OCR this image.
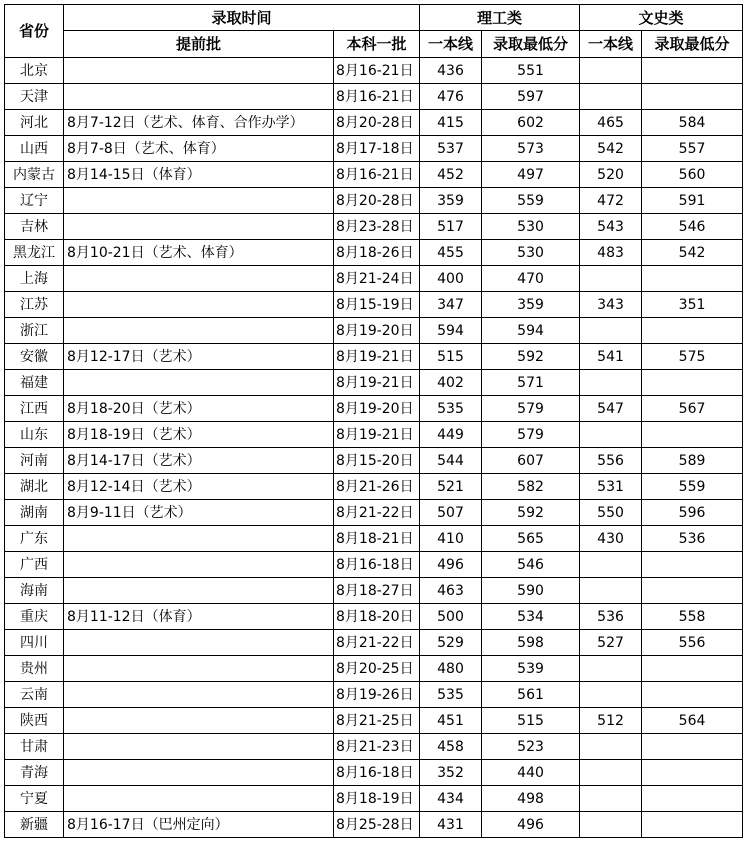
省份	录取时间		理工类		文史类	
	提前批	本科一批	一本线	录取最低分	一本线	录取最低分
北京		8月16-21日	436	551		
天津		8月16-21日	476	597		
河北	8月7-12日（艺术、体育、合作办学）	8月20-28日	415	602	465	584
山西	8月7-8日（艺术、体育）	8月17-18日	537	573	542	557
内蒙古	8月14-15日（体育）	8月16-21日	452	497	520	560
辽宁		8月20-28日	359	559	472	591
吉林		8月23-28日	517	530	543	546
黑龙江	8月10-21日（艺术、体育）	8月18-26日	455	530	483	542
上海		8月21-24日	400	470		
江苏		8月15-19日	347	359	343	351
浙江		8月19-20日	594	594		
安徽	8月12-17日（艺术）	8月19-21日	515	592	541	575
福建		8月19-21日	402	571		
江西	8月18-20日（艺术）	8月19-20日	535	579	547	567
山东	8月18-19日（艺术）	8月19-21日	449	579		
河南	8月14-17日（艺术）	8月15-20日	544	607	556	589
湖北	8月12-14日（艺术）	8月21-26日	521	582	531	559
湖南	8月9-11日（艺术）	8月21-22日	507	592	550	596
广东		8月18-21日	410	565	430	536
广西		8月16-18日	496	546		
海南		8月18-27日	463	590		
重庆	8月11-12日（体育）	8月18-20日	500	534	536	558
四川		8月21-22日	529	598	527	556
贵州		8月20-25日	480	539		
云南		8月19-26日	535	561		
陕西		8月21-25日	451	515	512	564
甘肃		8月21-23日	458	523		
青海		8月16-18日	352	440		
宁夏		8月18-19日	434	498		
新疆	8月16-17日（巴州定向）	8月25-28日	431	496		
